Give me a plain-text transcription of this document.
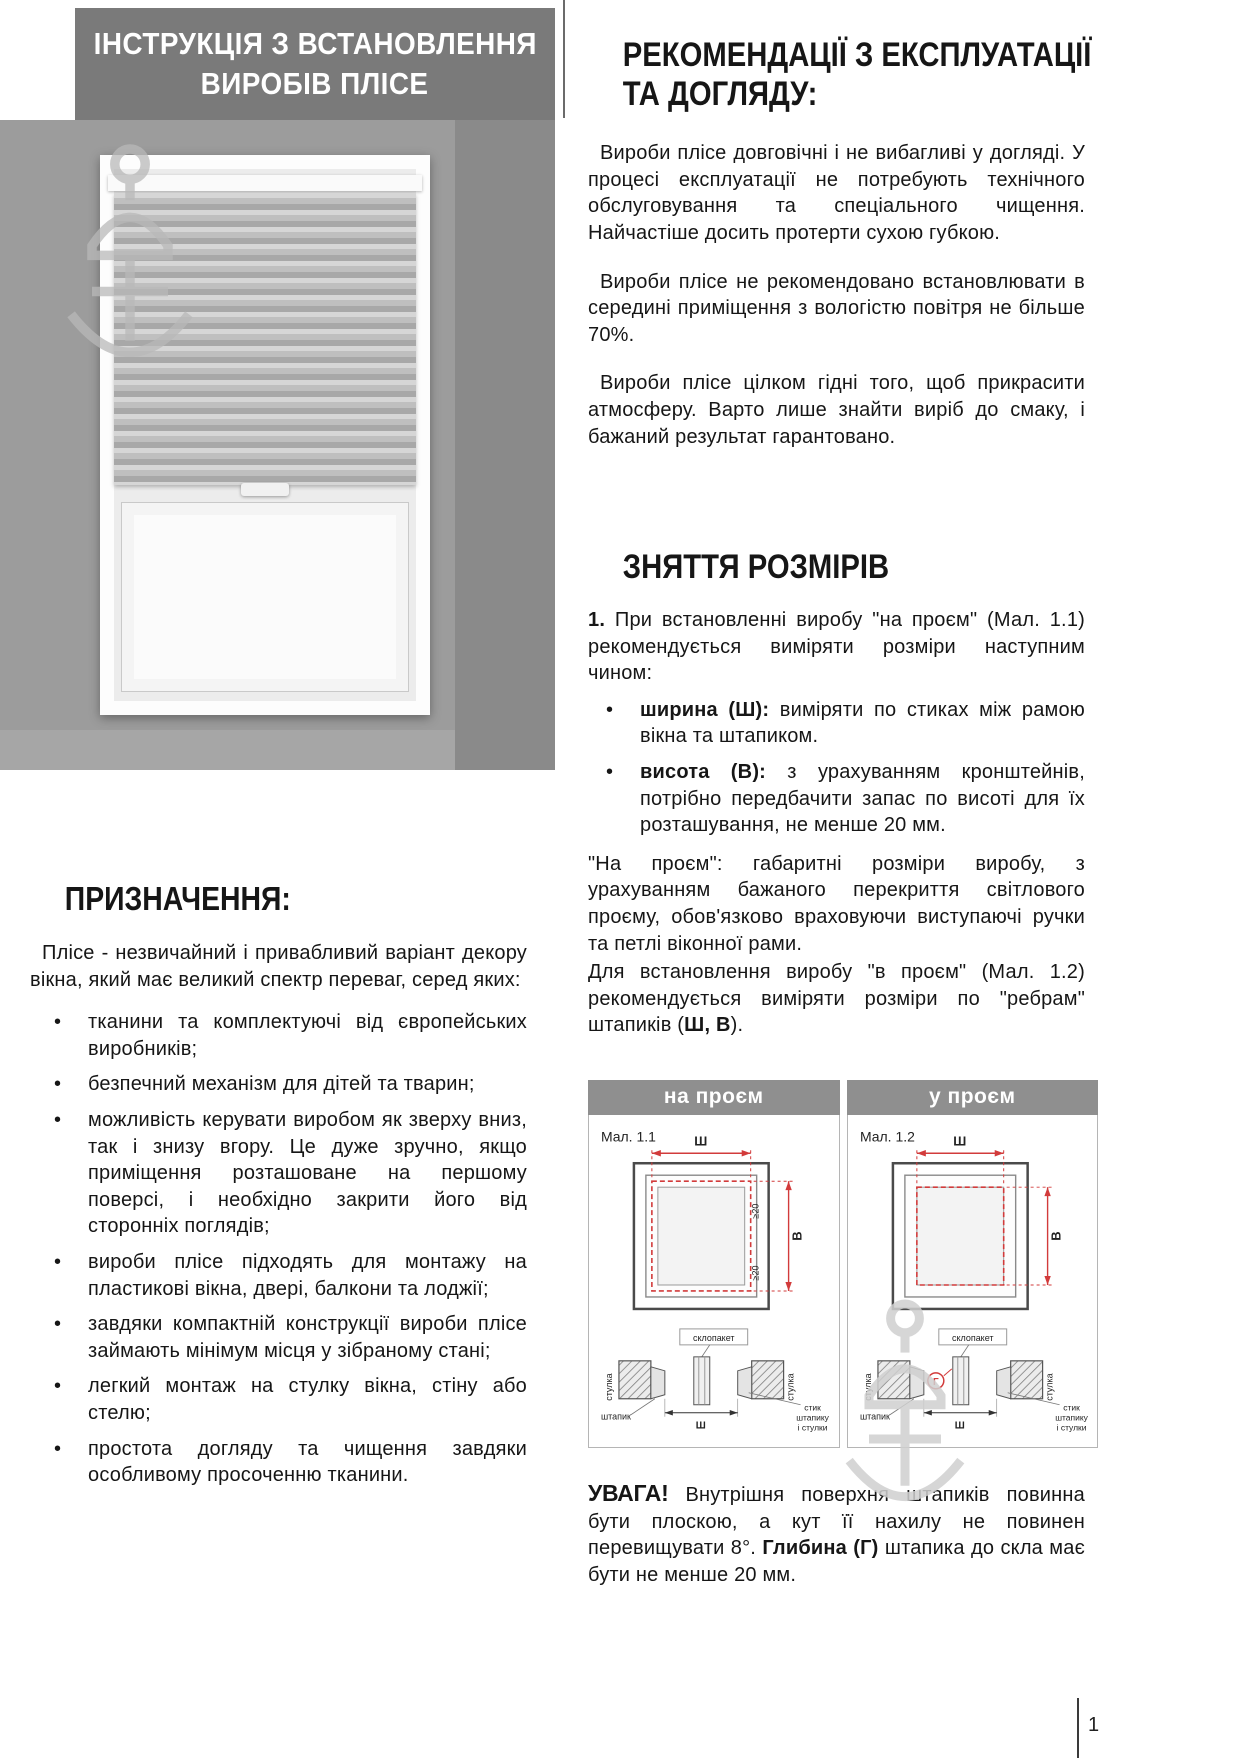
ІНСТРУКЦІЯ З ВСТАНОВЛЕННЯ
ВИРОБІВ ПЛІСЕ
ПРИЗНАЧЕННЯ:

Плісе - незвичайний і привабливий варіант декору вікна, який має великий спектр переваг, серед яких:

• тканини та комплектуючі від європейських виробників;
• безпечний механізм для дітей та тварин;
• можливість керувати виробом як зверху вниз, так і знизу вгору. Це дуже зручно, якщо приміщення розташоване на першому поверсі, і необхідно закрити його від сторонніх поглядів;
• вироби плісе підходять для монтажу на пластикові вікна, двері, балкони та лоджії;
• завдяки компактній конструкції вироби плісе займають мінімум місця у зібраному стані;
• легкий монтаж на стулку вікна, стіну або стелю;
• простота догляду та чищення завдяки особливому просоченню тканини.
РЕКОМЕНДАЦІЇ З ЕКСПЛУАТАЦІЇ
ТА ДОГЛЯДУ:

Вироби плісе довговічні і не вибагливі у догляді. У процесі експлуатації не потребують технічного обслуговування та спеціального чищення. Найчастіше досить протерти сухою губкою.

Вироби плісе не рекомендовано встановлювати в середині приміщення з вологістю повітря не більше 70%.

Вироби плісе цілком гідні того, щоб прикрасити атмосферу. Варто лише знайти виріб до смаку, і бажаний результат гарантовано.

ЗНЯТТЯ РОЗМІРІВ

1. При встановленні виробу "на проєм" (Мал. 1.1) рекомендується виміряти розміри наступним чином:

• ширина (Ш): виміряти по стиках між рамою вікна та штапиком.
• висота (В): з урахуванням кронштейнів, потрібно передбачити запас по висоті для їх розташування, не менше 20 мм.

"На проєм": габаритні розміри виробу, з урахуванням бажаного перекриття світлового проєму, обов'язково враховуючи виступаючі ручки та петлі віконної рами.

Для встановлення виробу "в проєм" (Мал. 1.2) рекомендується виміряти розміри по "ребрам" штапиків (Ш, В).

на проєм
Мал. 1.1	Ш
В
≥20
≥20
склопакет
стулка	стулка
штапик
Ш
стик
штапику
і стулки
у проєм
Мал. 1.2	Ш
В
склопакет
Г
стулка	стулка
штапик
Ш
стик
штапику
і стулки
УВАГА! Внутрішня поверхня штапиків повинна бути плоскою, а кут її нахилу не повинен перевищувати 8°. Глибина (Г) штапика до скла має бути не менше 20 мм.
1
